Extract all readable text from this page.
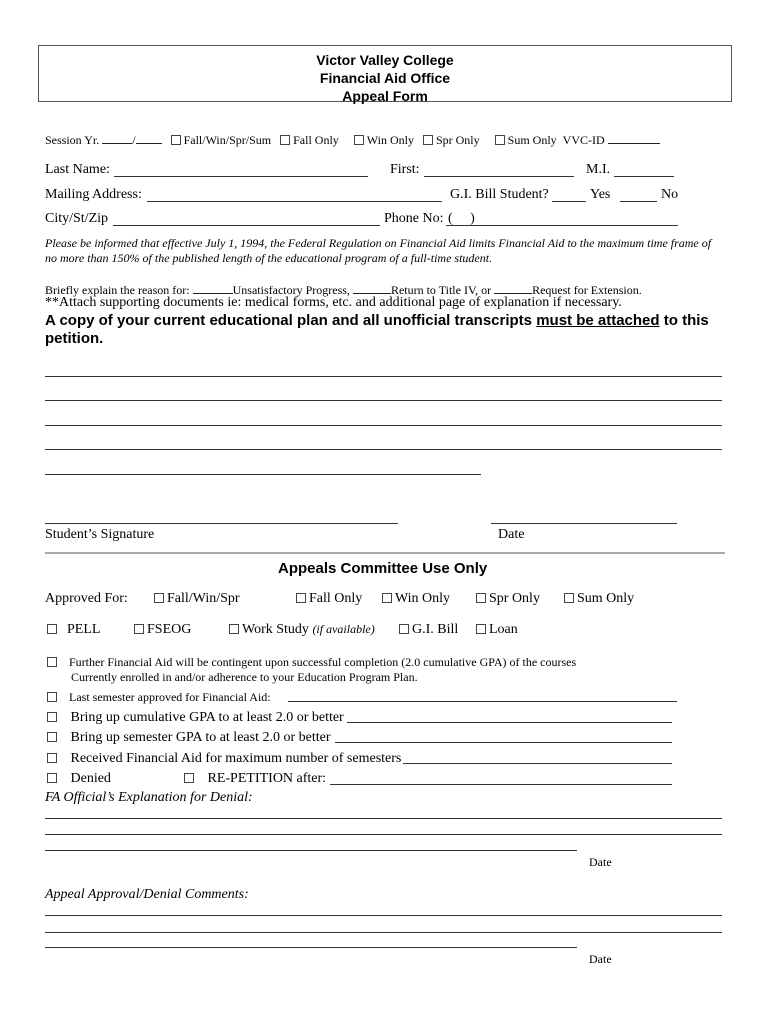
Victor Valley College
Financial Aid Office
Appeal Form
Session Yr.	/	Fall/Win/Spr/Sum Fall Only Win Only Spr Only Sum Only VVC-ID
Last Name:	First:	M.I.
Mailing Address:	G.I. Bill Student?	Yes	No
City/St/Zip	Phone No: (     )
Please be informed that effective July 1, 1994, the Federal Regulation on Financial Aid limits Financial Aid to the maximum time frame of no more than 150% of the published length of the educational program of a full-time student.
Briefly explain the reason for:	Unsatisfactory Progress,	Return to Title IV, or	Request for Extension.
**Attach supporting documents ie: medical forms, etc. and additional page of explanation if necessary.
A copy of your current educational plan and all unofficial transcripts must be attached to this
petition.
Student’s Signature	Date
Appeals Committee Use Only
Approved For:	Fall/Win/Spr	Fall Only	Win Only	Spr Only	Sum Only
PELL	FSEOG	Work Study (if available)	G.I. Bill	Loan
Further Financial Aid will be contingent upon successful completion (2.0 cumulative GPA) of the courses
Currently enrolled in and/or adherence to your Education Program Plan.
Last semester approved for Financial Aid:
Bring up cumulative GPA to at least 2.0 or better
Bring up semester GPA to at least 2.0 or better
Received Financial Aid for maximum number of semesters
Denied	RE-PETITION after:
FA Official’s Explanation for Denial:
Date
Appeal Approval/Denial Comments:
Date
